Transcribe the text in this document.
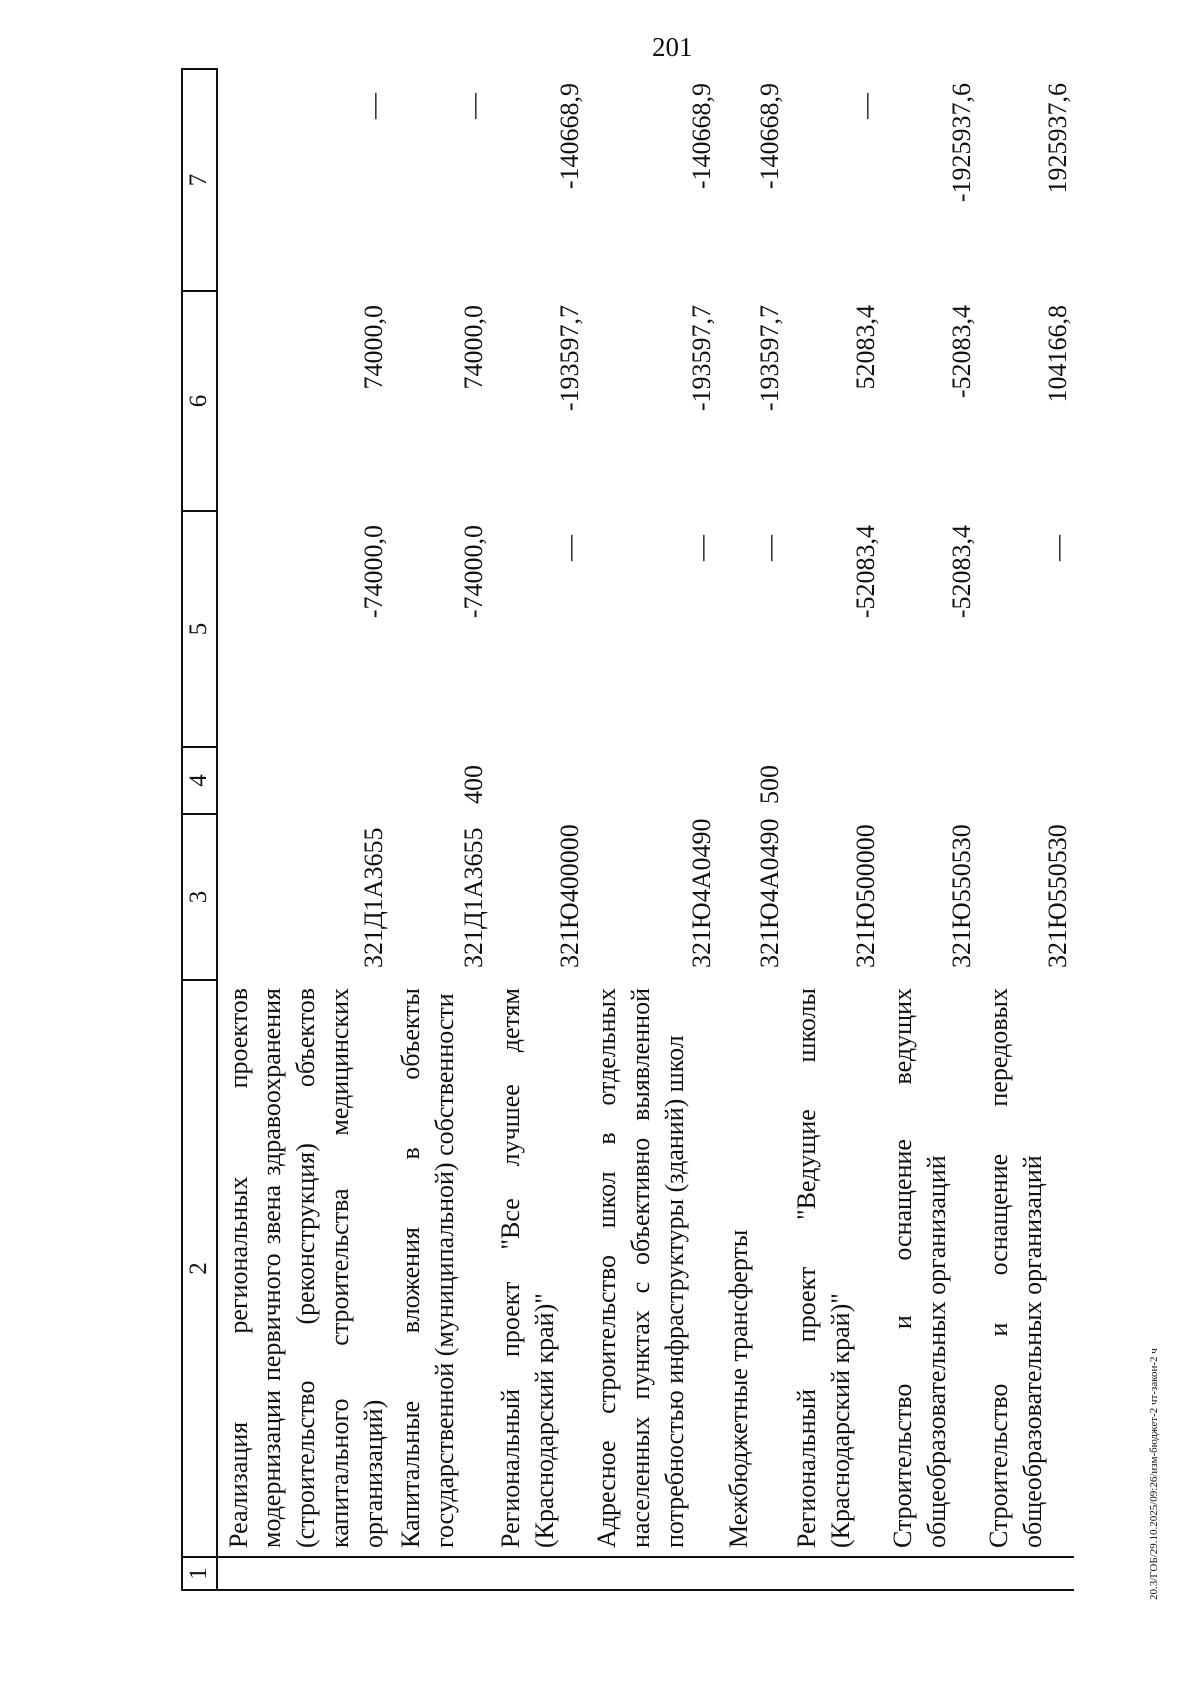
201
1	2	3	4	5	6	7
	Реализация региональных проектов модернизации первичного звена здравоохранения (строительство (реконструкция) объектов капитального строительства медицинских организаций)	321Д1А3655		-74000,0	74000,0	—
	Капитальные вложения в объекты государственной (муниципальной) собственности	321Д1А3655	400	-74000,0	74000,0	—
	Региональный проект "Все лучшее детям (Краснодарский край)"	321Ю400000		—	-193597,7	-140668,9
	Адресное строительство школ в отдельных населенных пунктах с объективно выявленной потребностью инфраструктуры (зданий) школ	321Ю4А0490		—	-193597,7	-140668,9
	Межбюджетные трансферты	321Ю4А0490	500	—	-193597,7	-140668,9
	Региональный проект "Ведущие школы (Краснодарский край)"	321Ю500000		-52083,4	52083,4	—
	Строительство и оснащение ведущих общеобразовательных организаций	321Ю550530		-52083,4	-52083,4	-1925937,6
	Строительство и оснащение передовых общеобразовательных организаций	321Ю550530		—	104166,8	1925937,6
20.3/ГОБ/29.10.2025/09:26/изм-бюджет-2 чт-закон-2 ч
